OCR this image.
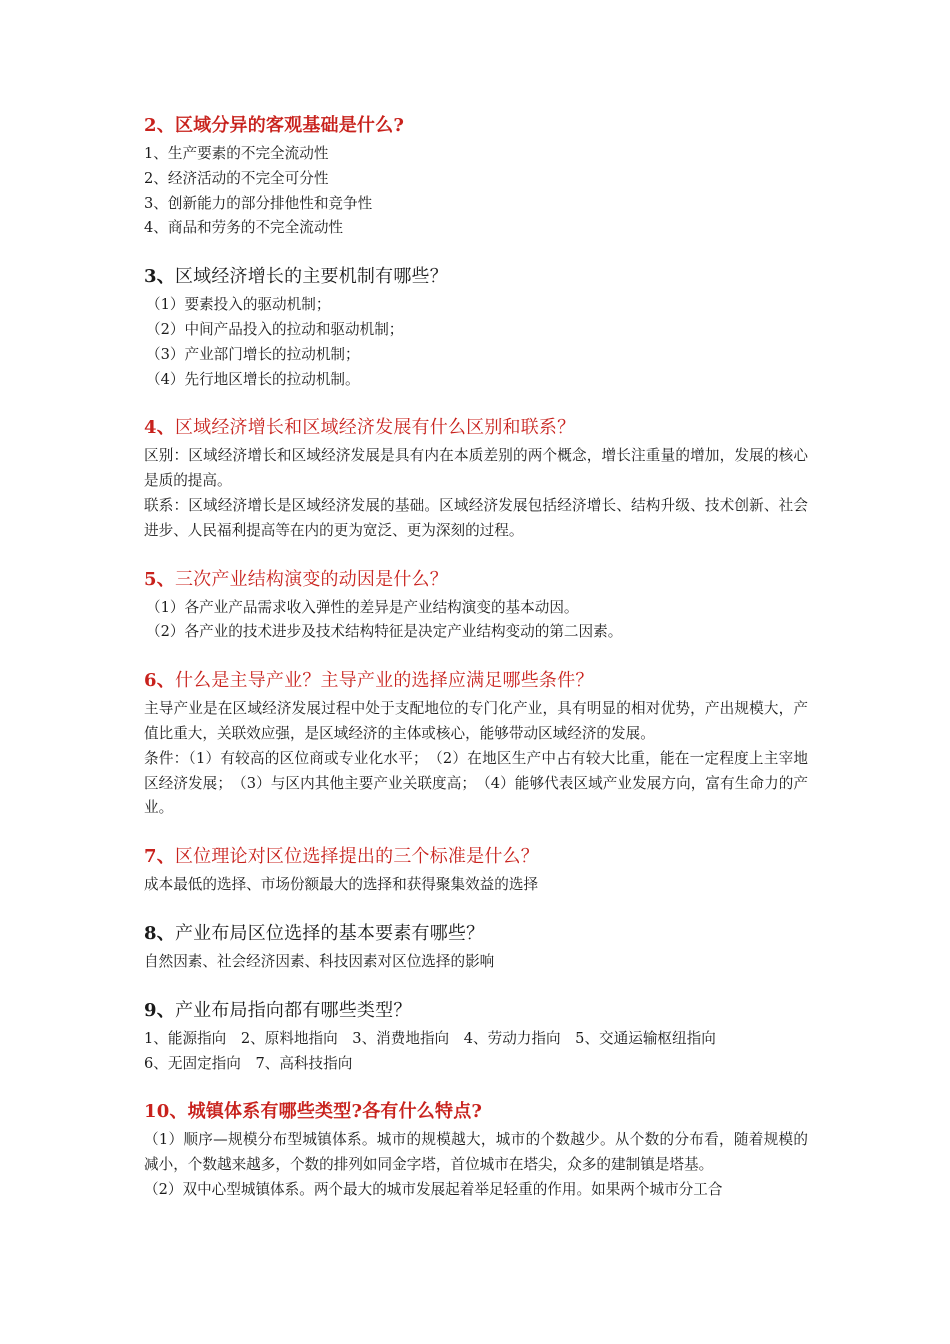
2、区域分异的客观基础是什么?

1、生产要素的不完全流动性

2、经济活动的不完全可分性

3、创新能力的部分排他性和竞争性

4、商品和劳务的不完全流动性

3、区域经济增长的主要机制有哪些？

（1）要素投入的驱动机制；

（2）中间产品投入的拉动和驱动机制；

（3）产业部门增长的拉动机制；

（4）先行地区增长的拉动机制。

4、区域经济增长和区域经济发展有什么区别和联系？

区别：区域经济增长和区域经济发展是具有内在本质差别的两个概念，增长注重量的增加，发展的核心是质的提高。

联系：区域经济增长是区域经济发展的基础。区域经济发展包括经济增长、结构升级、技术创新、社会进步、人民福利提高等在内的更为宽泛、更为深刻的过程。

5、三次产业结构演变的动因是什么？

（1）各产业产品需求收入弹性的差异是产业结构演变的基本动因。

（2）各产业的技术进步及技术结构特征是决定产业结构变动的第二因素。

6、什么是主导产业？主导产业的选择应满足哪些条件？

主导产业是在区域经济发展过程中处于支配地位的专门化产业，具有明显的相对优势，产出规模大，产值比重大，关联效应强，是区域经济的主体或核心，能够带动区域经济的发展。

条件：（1）有较高的区位商或专业化水平；　（2）在地区生产中占有较大比重，能在一定程度上主宰地区经济发展；　（3）与区内其他主要产业关联度高；　（4）能够代表区域产业发展方向，富有生命力的产业。

7、区位理论对区位选择提出的三个标准是什么？

成本最低的选择、市场份额最大的选择和获得聚集效益的选择

8、产业布局区位选择的基本要素有哪些？

自然因素、社会经济因素、科技因素对区位选择的影响

9、产业布局指向都有哪些类型？

1、能源指向　2、原料地指向　3、消费地指向　4、劳动力指向　5、交通运输枢纽指向

6、无固定指向　7、高科技指向

10、城镇体系有哪些类型?各有什么特点?

（1）顺序—规模分布型城镇体系。城市的规模越大，城市的个数越少。从个数的分布看，随着规模的减小，个数越来越多，个数的排列如同金字塔，首位城市在塔尖，众多的建制镇是塔基。

（2）双中心型城镇体系。两个最大的城市发展起着举足轻重的作用。如果两个城市分工合
